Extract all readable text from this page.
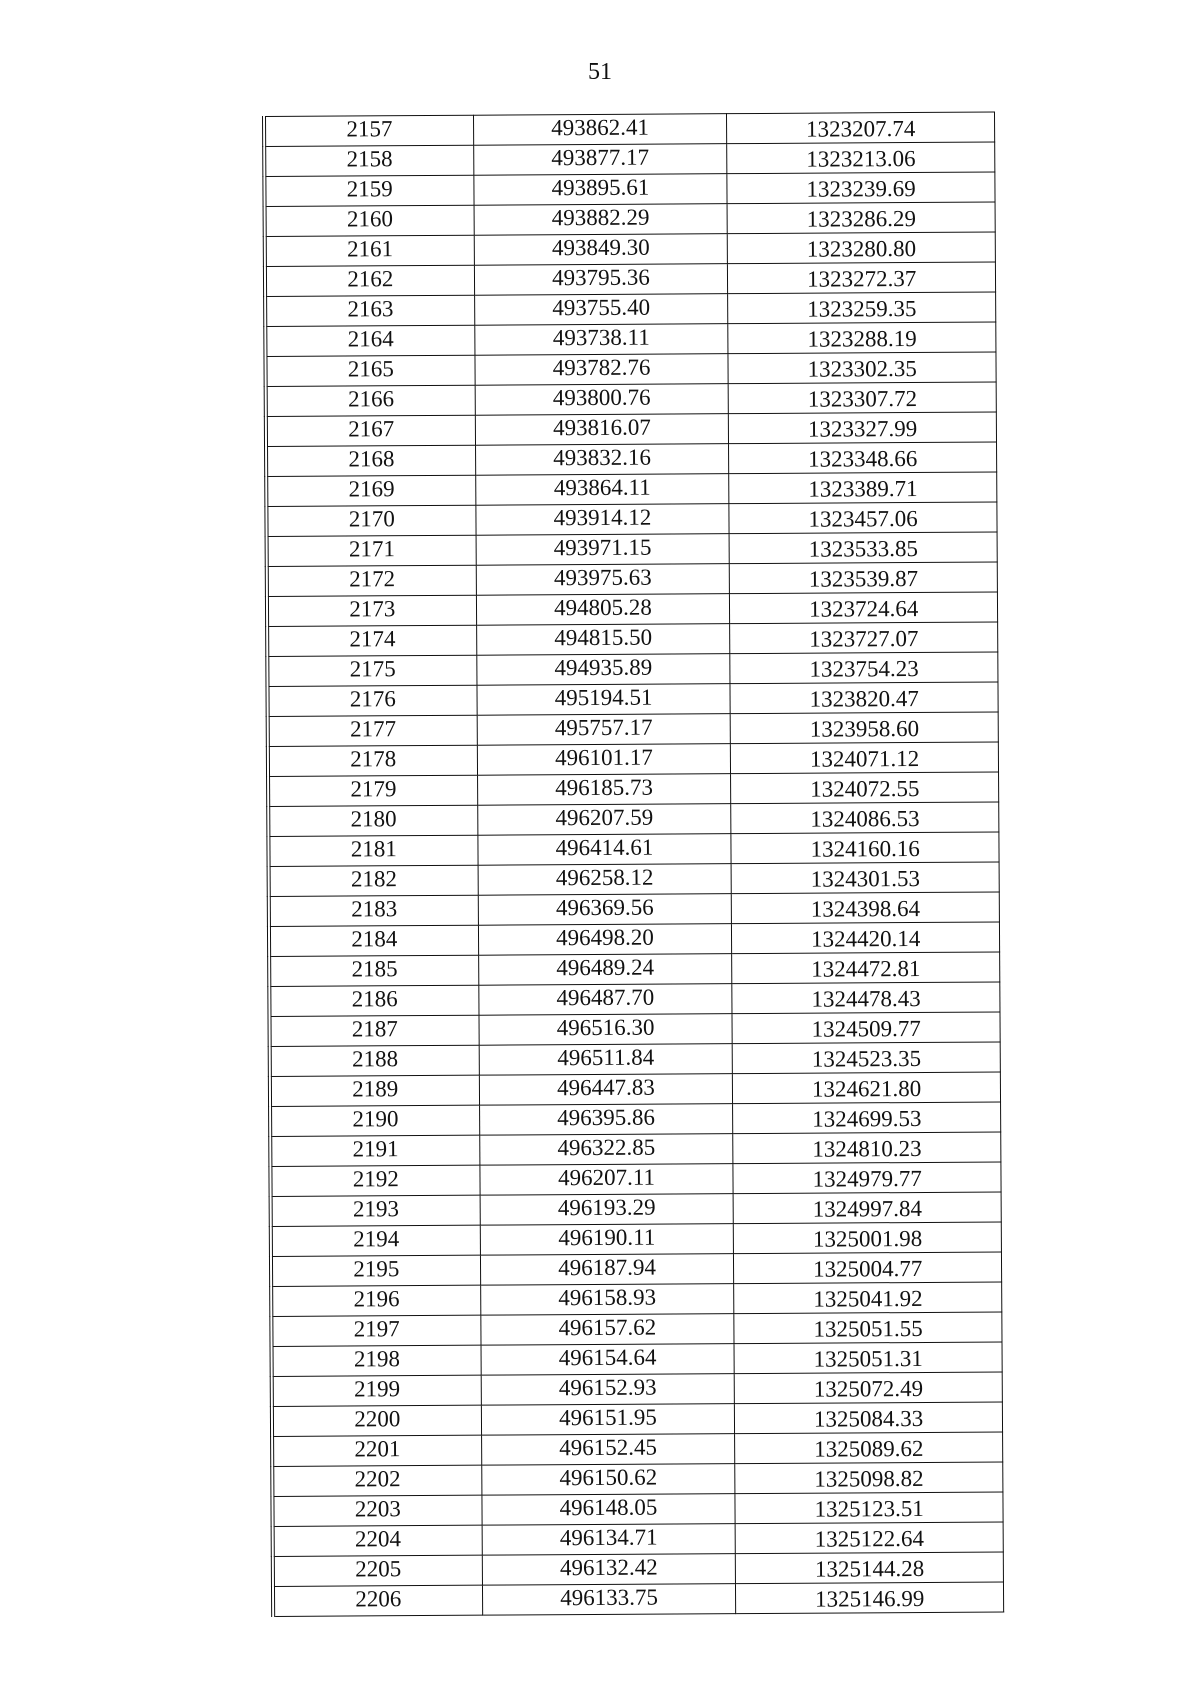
51
2157	493862.41	1323207.74
2158	493877.17	1323213.06
2159	493895.61	1323239.69
2160	493882.29	1323286.29
2161	493849.30	1323280.80
2162	493795.36	1323272.37
2163	493755.40	1323259.35
2164	493738.11	1323288.19
2165	493782.76	1323302.35
2166	493800.76	1323307.72
2167	493816.07	1323327.99
2168	493832.16	1323348.66
2169	493864.11	1323389.71
2170	493914.12	1323457.06
2171	493971.15	1323533.85
2172	493975.63	1323539.87
2173	494805.28	1323724.64
2174	494815.50	1323727.07
2175	494935.89	1323754.23
2176	495194.51	1323820.47
2177	495757.17	1323958.60
2178	496101.17	1324071.12
2179	496185.73	1324072.55
2180	496207.59	1324086.53
2181	496414.61	1324160.16
2182	496258.12	1324301.53
2183	496369.56	1324398.64
2184	496498.20	1324420.14
2185	496489.24	1324472.81
2186	496487.70	1324478.43
2187	496516.30	1324509.77
2188	496511.84	1324523.35
2189	496447.83	1324621.80
2190	496395.86	1324699.53
2191	496322.85	1324810.23
2192	496207.11	1324979.77
2193	496193.29	1324997.84
2194	496190.11	1325001.98
2195	496187.94	1325004.77
2196	496158.93	1325041.92
2197	496157.62	1325051.55
2198	496154.64	1325051.31
2199	496152.93	1325072.49
2200	496151.95	1325084.33
2201	496152.45	1325089.62
2202	496150.62	1325098.82
2203	496148.05	1325123.51
2204	496134.71	1325122.64
2205	496132.42	1325144.28
2206	496133.75	1325146.99
